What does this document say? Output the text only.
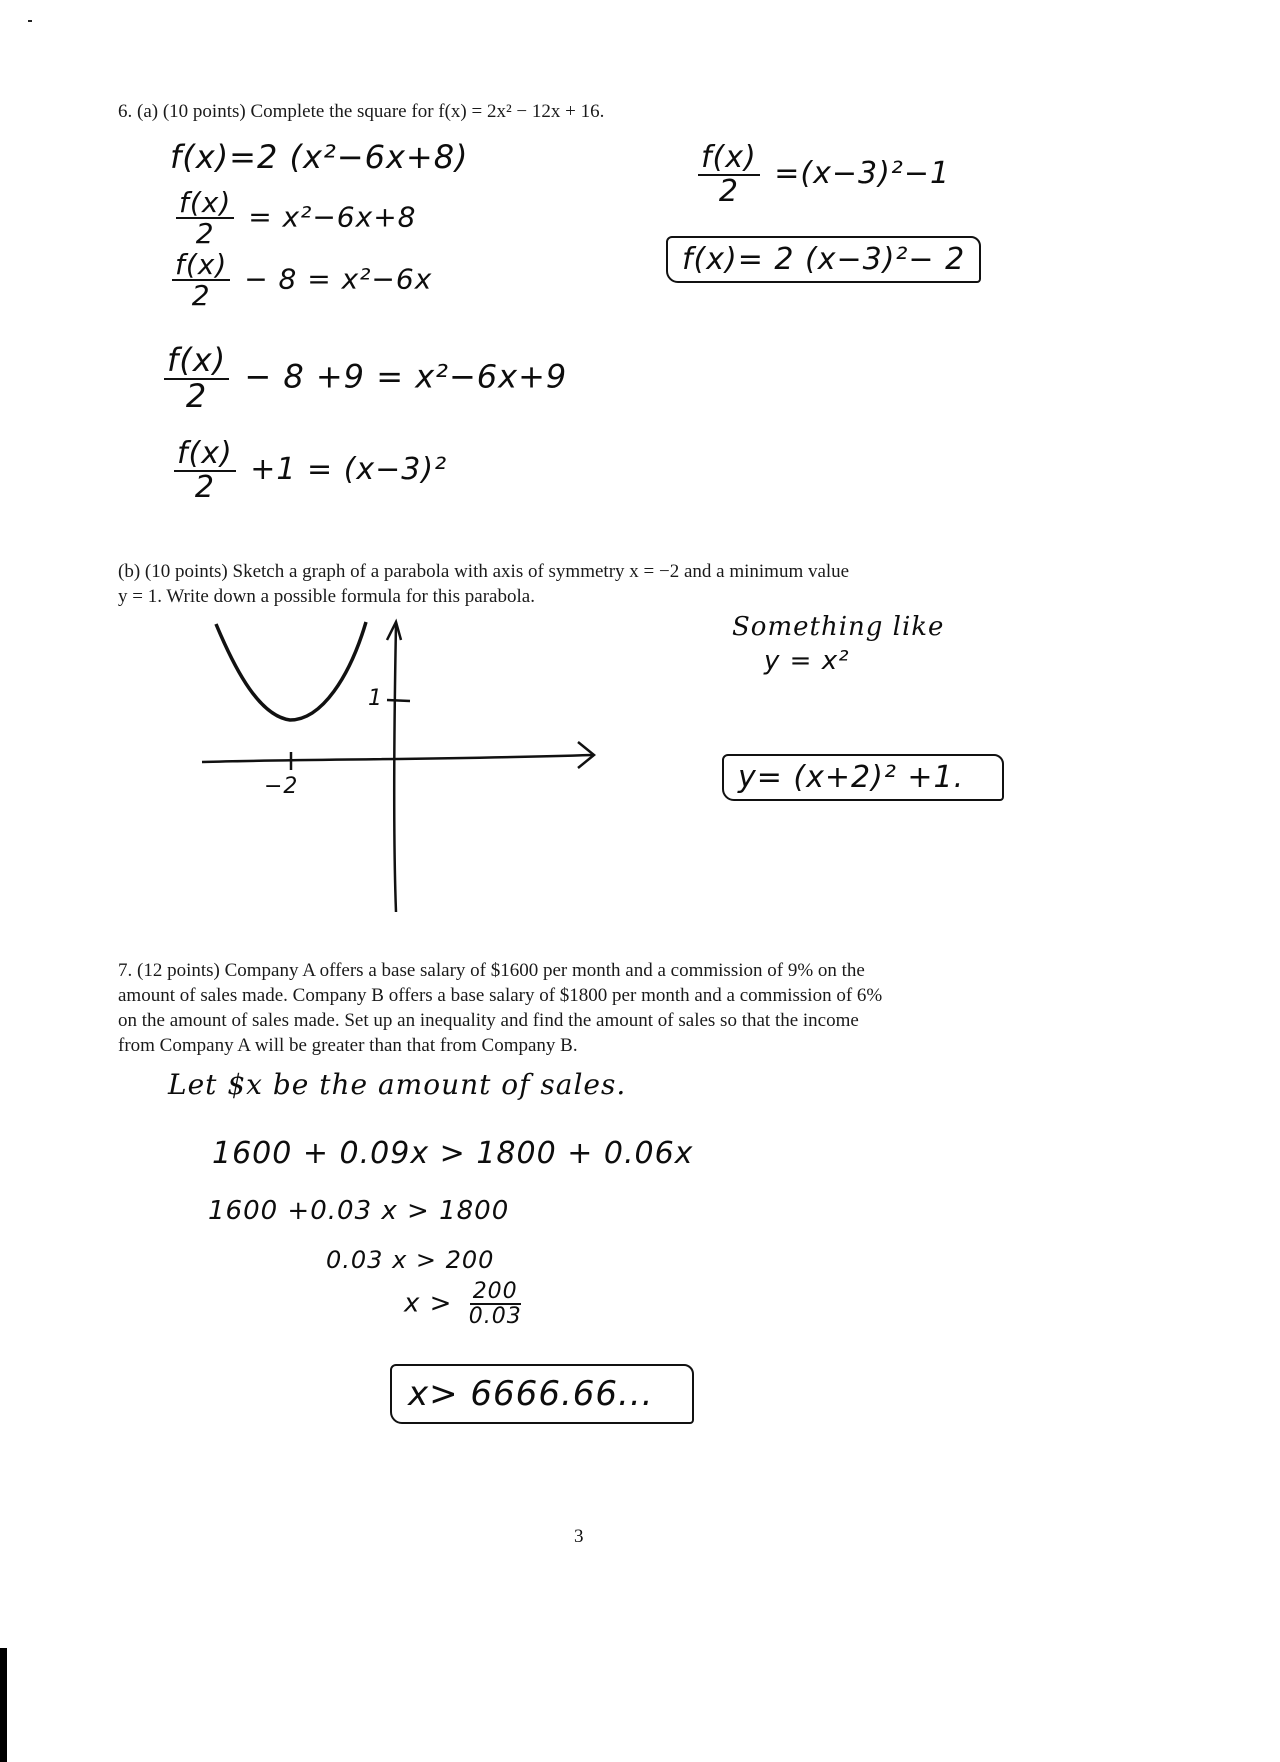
6. (a) (10 points) Complete the square for f(x) = 2x² − 12x + 16.

f(x)=2 (x²−6x+8)
$\frac{f(x)}{2} = x^2-6x+8$
$\frac{f(x)}{2} - 8 = x^2-6x$
$\frac{f(x)}{2} - 8 +9 = x^2-6x+9$
$\frac{f(x)}{2} +1 = (x-3)^2$
$\frac{f(x)}{2} =(x-3)^2-1$
f(x)= 2 (x−3)²− 2

(b) (10 points) Sketch a graph of a parabola with axis of symmetry x = −2 and a minimum value
y = 1. Write down a possible formula for this parabola.

−2
1
Something like
y = x²
y= (x+2)² +1.

7. (12 points) Company A offers a base salary of $1600 per month and a commission of 9% on the
amount of sales made. Company B offers a base salary of $1800 per month and a commission of 6%
on the amount of sales made. Set up an inequality and find the amount of sales so that the income
from Company A will be greater than that from Company B.

Let $x be the amount of sales.
1600 + 0.09x > 1800 + 0.06x
1600 +0.03 x > 1800
0.03 x > 200
$x > \frac{200}{0.03}$
x> 6666.66...
3
